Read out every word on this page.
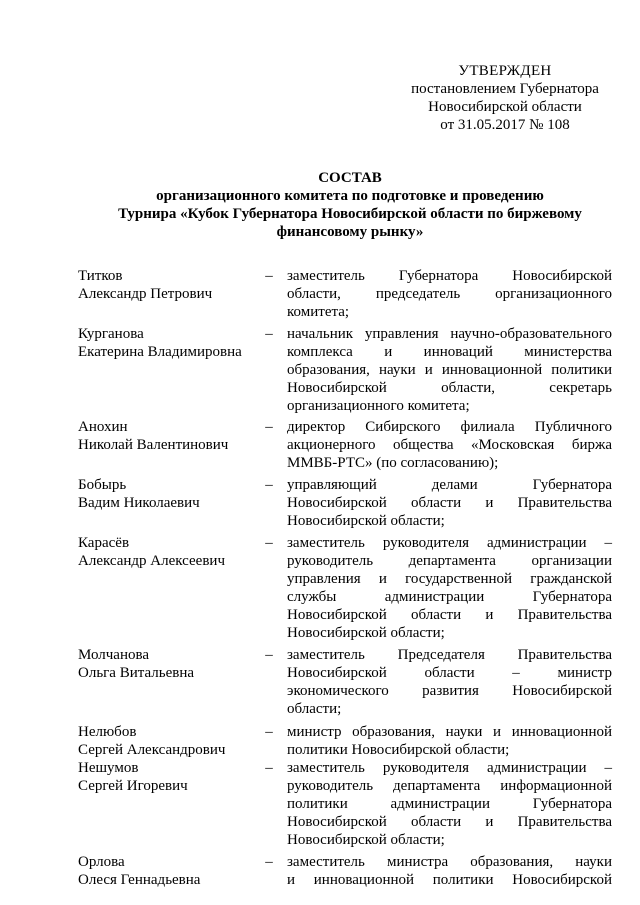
УТВЕРЖДЕН
постановлением Губернатора
Новосибирской области
от 31.05.2017 № 108
СОСТАВ
организационного комитета по подготовке и проведению
Турнира «Кубок Губернатора Новосибирской области по биржевому
финансовому рынку»
Титков
Александр Петрович
– заместитель Губернатора Новосибирской
области, председатель организационного
комитета;
Курганова
Екатерина Владимировна
– начальник управления научно-образовательного
комплекса и инноваций министерства
образования, науки и инновационной политики
Новосибирской области, секретарь
организационного комитета;
Анохин
Николай Валентинович
– директор Сибирского филиала Публичного
акционерного общества «Московская биржа
ММВБ-РТС» (по согласованию);
Бобырь
Вадим Николаевич
– управляющий делами Губернатора
Новосибирской области и Правительства
Новосибирской области;
Карасёв
Александр Алексеевич
– заместитель руководителя администрации –
руководитель департамента организации
управления и государственной гражданской
службы администрации Губернатора
Новосибирской области и Правительства
Новосибирской области;
Молчанова
Ольга Витальевна
– заместитель Председателя Правительства
Новосибирской области – министр
экономического развития Новосибирской
области;
Нелюбов
Сергей Александрович
– министр образования, науки и инновационной
политики Новосибирской области;
Нешумов
Сергей Игоревич
– заместитель руководителя администрации –
руководитель департамента информационной
политики администрации Губернатора
Новосибирской области и Правительства
Новосибирской области;
Орлова
Олеся Геннадьевна
– заместитель министра образования, науки
и инновационной политики Новосибирской
